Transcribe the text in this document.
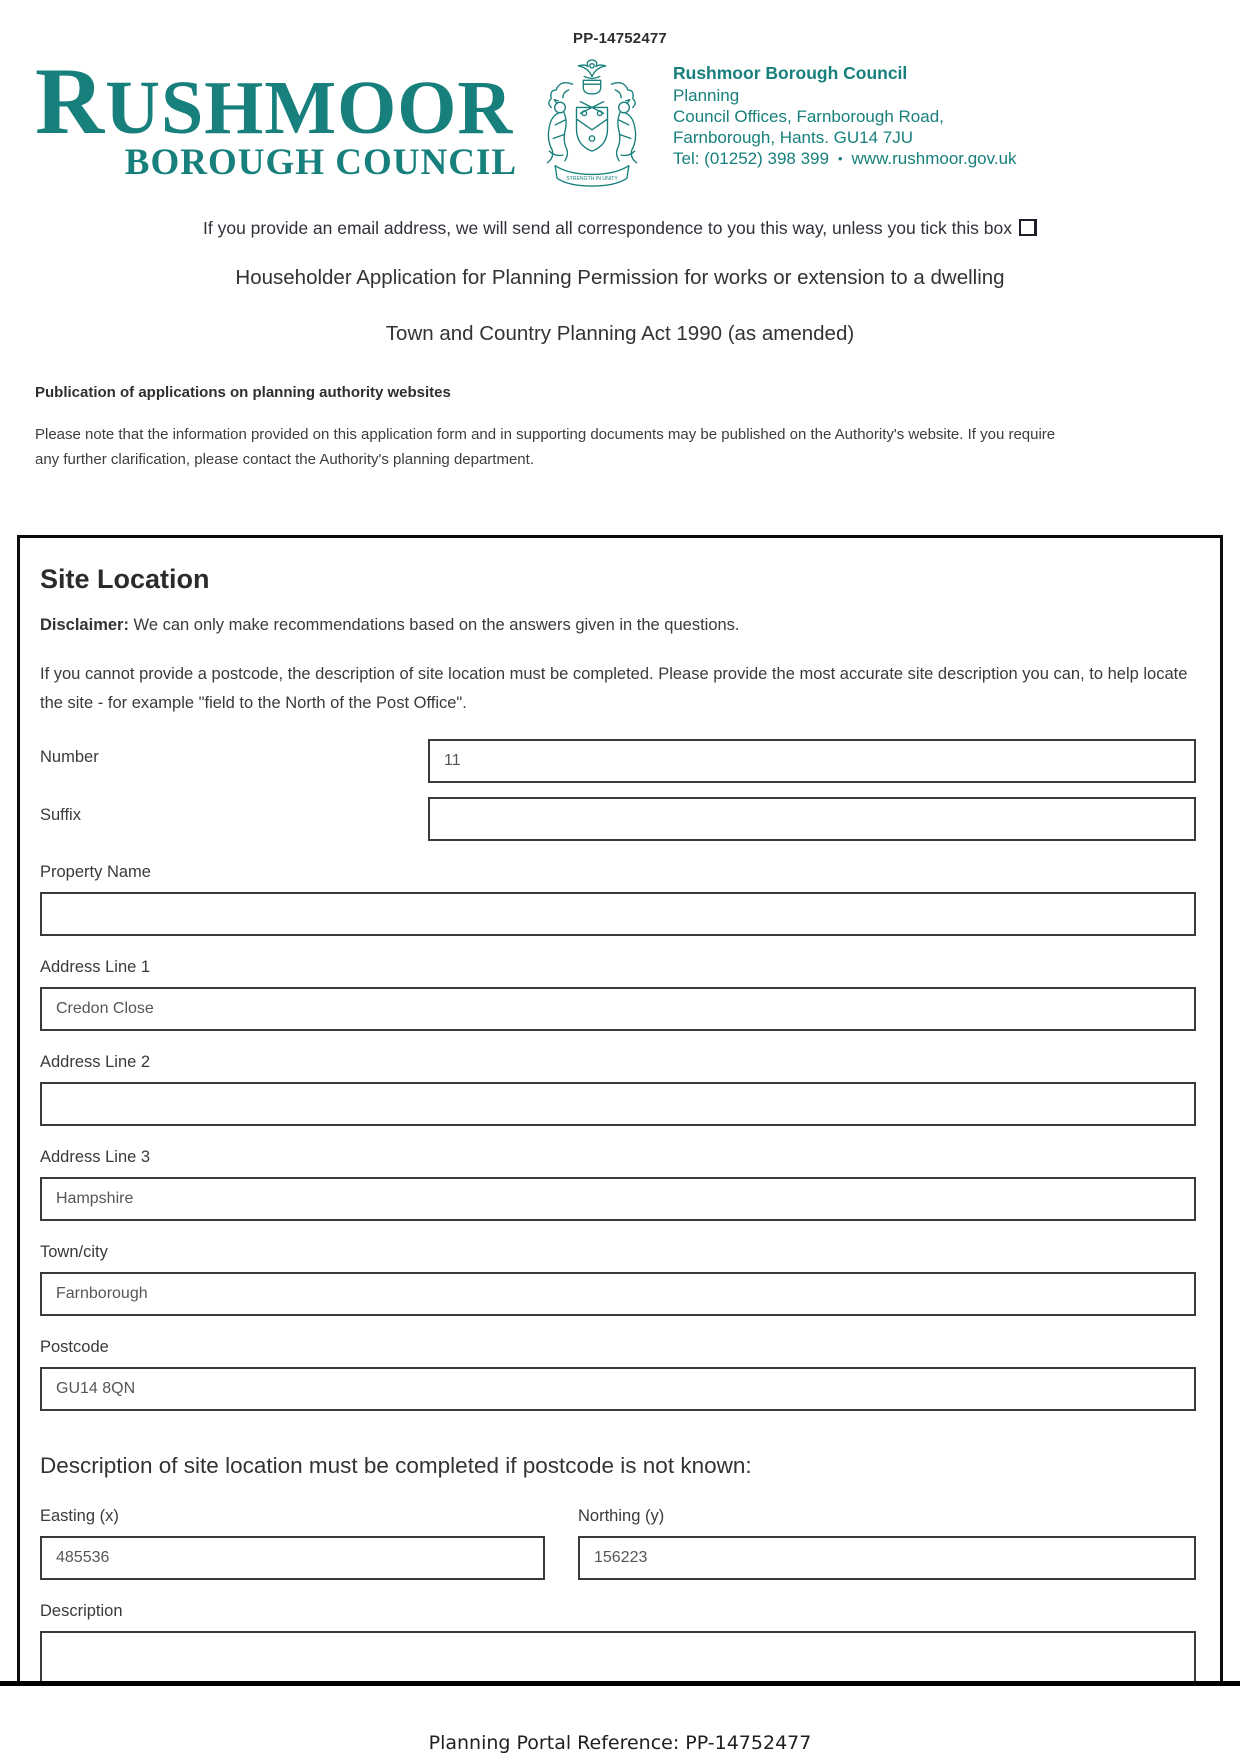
PP-14752477
RUSHMOOR
BOROUGH COUNCIL	STRENGTH IN UNITY
Rushmoor Borough Council
Planning
Council Offices, Farnborough Road,
Farnborough, Hants. GU14 7JU
Tel: (01252) 398 399 • www.rushmoor.gov.uk
If you provide an email address, we will send all correspondence to you this way, unless you tick this box
Householder Application for Planning Permission for works or extension to a dwelling
Town and Country Planning Act 1990 (as amended)
Publication of applications on planning authority websites
Please note that the information provided on this application form and in supporting documents may be published on the Authority's website. If you require any further clarification, please contact the Authority's planning department.
Site Location
Disclaimer: We can only make recommendations based on the answers given in the questions.
If you cannot provide a postcode, the description of site location must be completed. Please provide the most accurate site description you can, to help locate the site - for example "field to the North of the Post Office".
Number
11
Suffix
Property Name
Address Line 1
Credon Close
Address Line 2
Address Line 3
Hampshire
Town/city
Farnborough
Postcode
GU14 8QN
Description of site location must be completed if postcode is not known:
Easting (x)
485536	Northing (y)
156223
Description
Planning Portal Reference: PP-14752477
